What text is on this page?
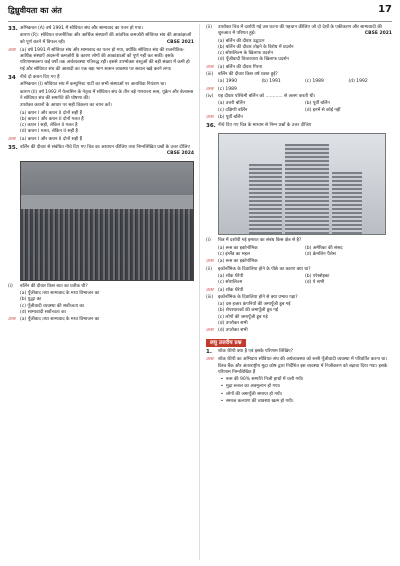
द्विध्रुवीयता का अंत	17
33. अभिकथन (A) वर्ष 1991 में सोवियत संघ और साम्यवाद का पतन हो गया।
कारण (R): सोवियत राजनीतिक और आर्थिक संस्थानों की आंतरिक कमजोरी सोवियत संघ की आकांक्षाओं को पूर्ण करने में विफल रही।	CBSE 2021
उत्तर	(a) वर्ष 1991 में सोवियत संघ और साम्यवाद का पतन हो गया, क्योंकि सोवियत संघ की राजनीतिक-आर्थिक संस्थाएँ अंदरूनी कमज़ोरी के कारण लोगों की आकांक्षाओं को पूर्ण नहीं कर सकीं। इसके परिणामस्वरूप कई वर्षों तक अर्थव्यवस्था गतिरुद्ध रही। इससे उपभोक्ता वस्तुओं की बड़ी संख्या में कमी हो गई और सोवियत संघ की आबादी का एक बड़ा भाग शासन व्यवस्था पर सवाल खड़े करने लगा।
34 नीचे दो कथन दिए गए हैं
अभिकथन (I) सोवियत संघ में कम्युनिस्ट पार्टी का सभी संस्थाओं पर अत्यधिक नियंत्रण था।
कारण (II) वर्ष 1992 में येल्तसिन के नेतृत्व में सोवियत संघ के तीन बड़े गणराज्य रूस, यूक्रेन और बेलारूस ने सोवियत संघ की समाप्ति की घोषणा की।
उपरोक्त कथनों के आधार पर सही विकल्प का चयन करें।
(a) कथन I और कथन II दोनों सही हैं
(b) कथन I और कथन II दोनों गलत हैं
(c) कथन I सही, लेकिन II गलत है
(d) कथन I गलत, लेकिन II सही है
उत्तर	(a) कथन I और कथन II दोनों सही हैं
35. बर्लिन की दीवार से संबंधित नीचे दिए गए चित्र का अध्ययन कीजिए तथा निम्नलिखित प्रश्नों के उत्तर दीजिए
CBSE 2024
(i)	बर्लिन की दीवार किस बात का प्रतीक थी?
(a) पूँजीवाद तथा साम्यवाद के मध्य विभाजन का
(b) युद्धा का
(c) पूँजीवादी व्यवस्था की सर्वोच्चता का
(d) साम्यवादी सर्वोच्चता का
उत्तर	(a) पूँजीवाद तथा साम्यवाद के मध्य विभाजन का
(ii)	उपरोक्त चित्र में दर्शायी गई उस घटना की पहचान कीजिए जो दो देशों के एकीकरण और साम्यवादी की शुरुआत में परिणत हुई।	CBSE 2021
(a) बर्लिन की दीवार उद्घाटन
(b) बर्लिन की दीवार तोड़ने के विरोध में प्रदर्शन
(c) सोशलिज्म के खिलाफ प्रदर्शन
(d) पूँजीवादी विचारधारा के खिलाफ प्रदर्शन
उत्तर	(a) बर्लिन की दीवार गिरना
(iii)	बर्लिन की दीवार किस वर्ष ध्वस्त हुई?
(a) 1990	(b) 1991	(c) 1989	(d) 1992
उत्तर	(c) 1989
(iv)	यह दीवार पश्चिमी बर्लिन को ............ से अलग करती थी।
(a) उत्तरी बर्लिन	(b) पूर्वी बर्लिन
(c) दक्षिणी बर्लिन	(d) इनमें से कोई नहीं
उत्तर	(b) पूर्वी बर्लिन
36. नीचे दिए गए चित्र के माध्यम से निम्न प्रश्नों के उत्तर दीजिए
(i)	चित्र में दर्शायी गई इमारत का संबंध किस क्षेत्र से है?
(a) रूस का इकोनॉमिक	(b) अमेरिका की संसद
(c) इंग्लैंड का महल	(d) क्रेमलिन पैलेस
उत्तर	(a) रूस का इकोनॉमिक
(ii)	इकॉनॉमिक के दिवालिया होने के पीछे का कारण क्या था?
(a) शॉक थेरेपी	(b) परेस्त्रोइका
(c) सोशलिज्म	(d) ये सभी
उत्तर	(a) शॉक थेरेपी
(iii)	इकॉनॉमिक के दिवालिया होने से क्या प्रभाव पड़ा?
(a) दस हजार कंपनियों की जमापूँजी डूब गई
(b) शेयरधारकों की जमापूँजी डूब गई
(c) लोगों की जमापूँजी डूब गई
(d) उपरोक्त सभी
उत्तर	(d) उपरोक्त सभी
लघु उत्तरीय प्रश्न
1.	शॉक थेरेपी क्या है एवं इसके परिणाम लिखिए?
उत्तर	शॉक थेरेपी का अभिप्राय सोवियत संघ की अर्थव्यवस्था को रूसी पूँजीवादी व्यवस्था में परिवर्तित करना था। विश्व बैंक और अंतरराष्ट्रीय मुद्रा कोष द्वारा निर्देशित इस व्यवस्था में निजीकरण को बढ़ावा दिया गया। इसके परिणाम निम्नलिखित हैं
• रूस की 90% सम्पत्ति निजी हाथों में चली गयी।
• मुद्रा रूबल का अवमूल्यन हो गया।
• लोगों की जमापूँजी समाप्त हो गयी।
• समाज कल्याण की व्यवस्था खत्म हो गयी।
